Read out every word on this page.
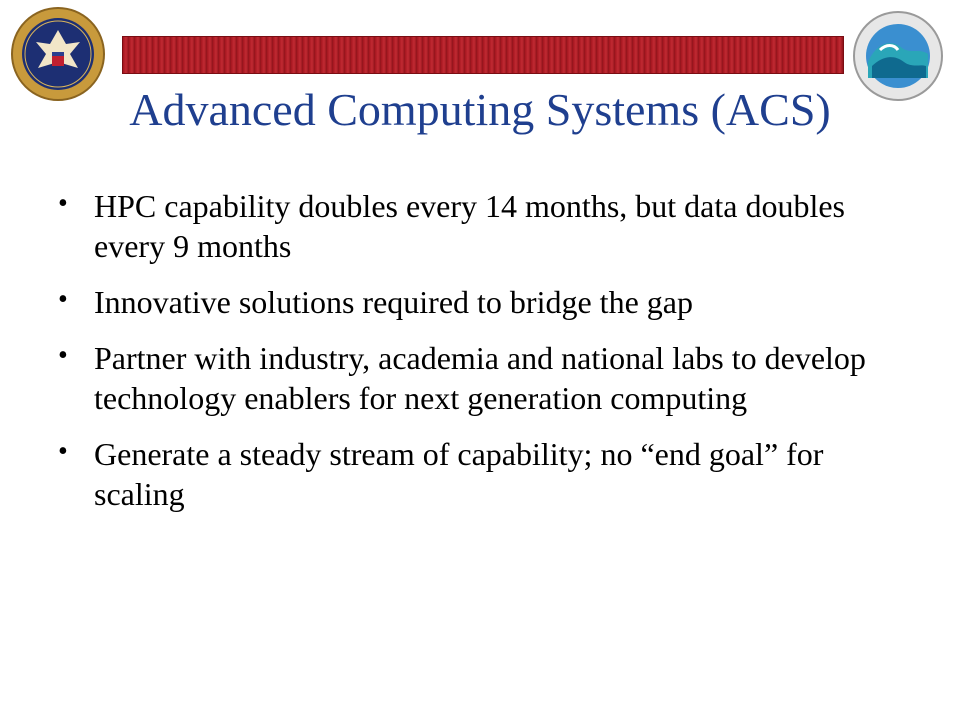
Advanced Computing Systems (ACS)
• HPC capability doubles every 14 months, but data doubles every 9 months
• Innovative solutions required to bridge the gap
• Partner with industry, academia and national labs to develop technology enablers for next generation computing
• Generate a steady stream of capability; no “end goal” for scaling
